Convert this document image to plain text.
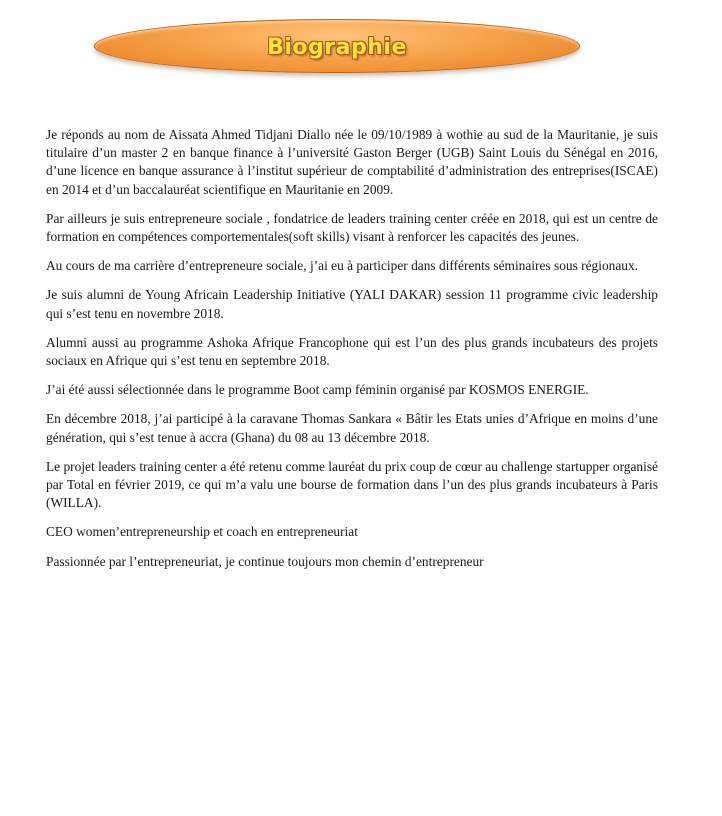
Biographie

Je réponds au nom de Aissata Ahmed Tidjani Diallo née le 09/10/1989 à wothie au sud de la Mauritanie, je suis titulaire d’un master 2 en banque finance à l’université Gaston Berger (UGB) Saint Louis du Sénégal en 2016, d’une licence en banque assurance à l’institut supérieur de comptabilité d’administration des entreprises(ISCAE) en 2014 et d’un baccalauréat scientifique en Mauritanie en 2009.

Par ailleurs je suis entrepreneure sociale , fondatrice de leaders training center créée en 2018, qui est un centre de formation en compétences comportementales(soft skills) visant à renforcer les capacités des jeunes.

Au cours de ma carrière d’entrepreneure sociale, j’ai eu à participer dans différents séminaires sous régionaux.

Je suis alumni de Young Africain Leadership Initiative (YALI DAKAR) session 11 programme civic leadership qui s’est tenu en novembre 2018.

Alumni aussi au programme Ashoka Afrique Francophone qui est l’un des plus grands incubateurs des projets sociaux en Afrique qui s’est tenu en septembre 2018.

J’ai été aussi sélectionnée dans le programme Boot camp féminin organisé par KOSMOS ENERGIE.

En décembre 2018, j’ai participé à la caravane Thomas Sankara « Bâtir les Etats unies d’Afrique en moins d’une génération, qui s’est tenue à accra (Ghana) du 08 au 13 décembre 2018.

Le projet leaders training center a été retenu comme lauréat du prix coup de cœur au challenge startupper organisé par Total en février 2019, ce qui m’a valu une bourse de formation dans l’un des plus grands incubateurs à Paris (WILLA).

CEO women’entrepreneurship et coach en entrepreneuriat

Passionnée par l’entrepreneuriat, je continue toujours mon chemin d’entrepreneur
